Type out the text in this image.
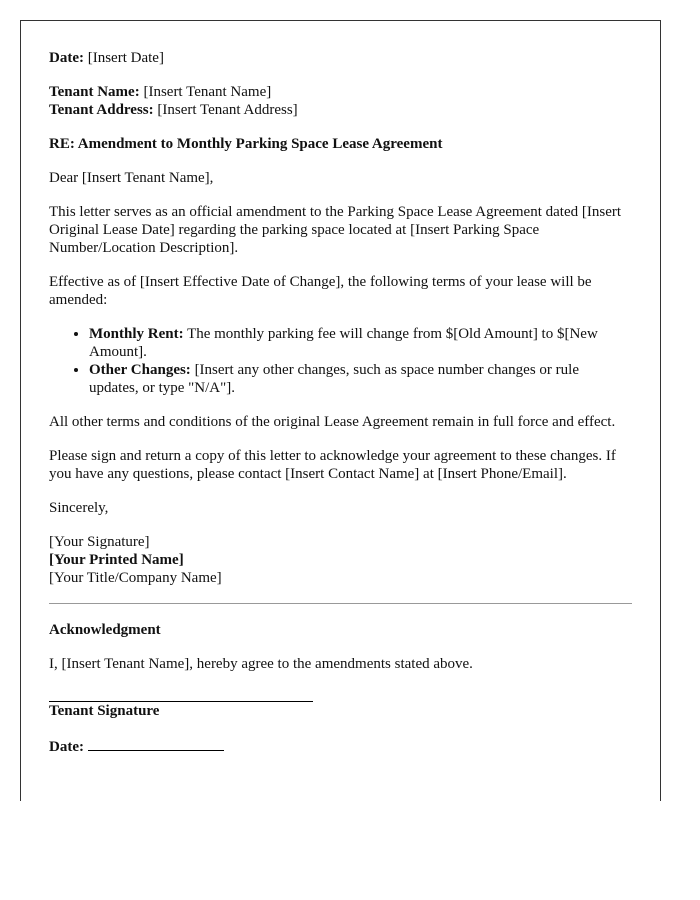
Date: [Insert Date]

Tenant Name: [Insert Tenant Name]
Tenant Address: [Insert Tenant Address]

RE: Amendment to Monthly Parking Space Lease Agreement

Dear [Insert Tenant Name],

This letter serves as an official amendment to the Parking Space Lease Agreement dated [Insert Original Lease Date] regarding the parking space located at [Insert Parking Space Number/Location Description].

Effective as of [Insert Effective Date of Change], the following terms of your lease will be amended:

• Monthly Rent: The monthly parking fee will change from $[Old Amount] to $[New Amount].
• Other Changes: [Insert any other changes, such as space number changes or rule updates, or type "N/A"].

All other terms and conditions of the original Lease Agreement remain in full force and effect.

Please sign and return a copy of this letter to acknowledge your agreement to these changes. If you have any questions, please contact [Insert Contact Name] at [Insert Phone/Email].

Sincerely,

[Your Signature]
[Your Printed Name]
[Your Title/Company Name]

Acknowledgment

I, [Insert Tenant Name], hereby agree to the amendments stated above.

Tenant Signature

Date:
